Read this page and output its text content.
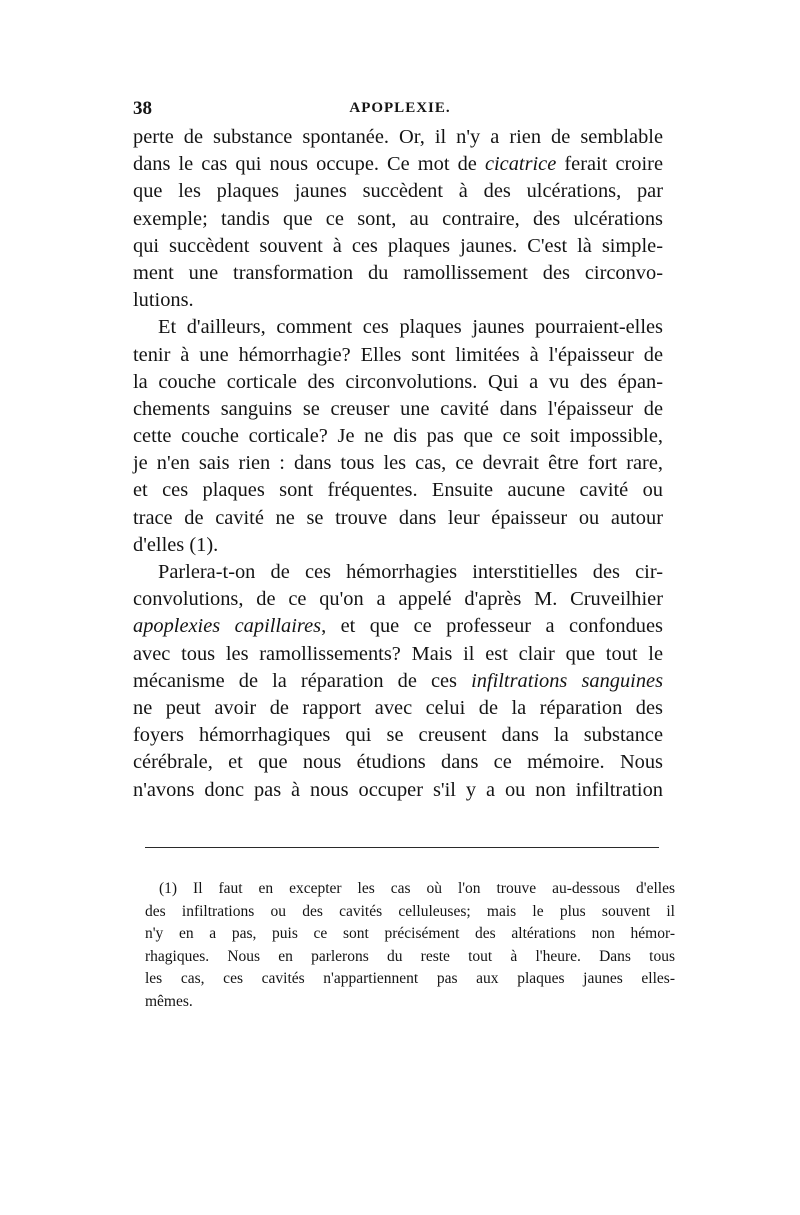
38	APOPLEXIE.
perte de substance spontanée. Or, il n'y a rien de semblable
dans le cas qui nous occupe. Ce mot de cicatrice ferait croire
que les plaques jaunes succèdent à des ulcérations, par
exemple; tandis que ce sont, au contraire, des ulcérations
qui succèdent souvent à ces plaques jaunes. C'est là simple-
ment une transformation du ramollissement des circonvo-
lutions.
Et d'ailleurs, comment ces plaques jaunes pourraient-elles
tenir à une hémorrhagie? Elles sont limitées à l'épaisseur de
la couche corticale des circonvolutions. Qui a vu des épan-
chements sanguins se creuser une cavité dans l'épaisseur de
cette couche corticale? Je ne dis pas que ce soit impossible,
je n'en sais rien : dans tous les cas, ce devrait être fort rare,
et ces plaques sont fréquentes. Ensuite aucune cavité ou
trace de cavité ne se trouve dans leur épaisseur ou autour
d'elles (1).
Parlera-t-on de ces hémorrhagies interstitielles des cir-
convolutions, de ce qu'on a appelé d'après M. Cruveilhier
apoplexies capillaires, et que ce professeur a confondues
avec tous les ramollissements? Mais il est clair que tout le
mécanisme de la réparation de ces infiltrations sanguines
ne peut avoir de rapport avec celui de la réparation des
foyers hémorrhagiques qui se creusent dans la substance
cérébrale, et que nous étudions dans ce mémoire. Nous
n'avons donc pas à nous occuper s'il y a ou non infiltration
(1) Il faut en excepter les cas où l'on trouve au-dessous d'elles
des infiltrations ou des cavités celluleuses; mais le plus souvent il
n'y en a pas, puis ce sont précisément des altérations non hémor-
rhagiques. Nous en parlerons du reste tout à l'heure. Dans tous
les cas, ces cavités n'appartiennent pas aux plaques jaunes elles-
mêmes.
